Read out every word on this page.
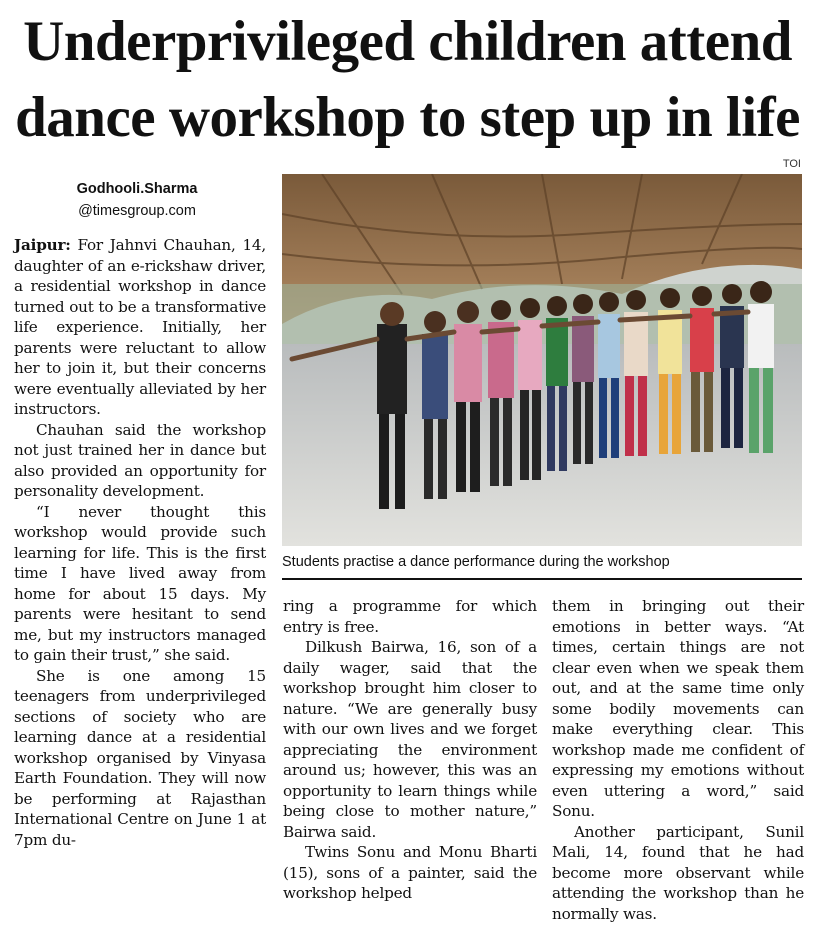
Underprivileged children attend
dance workshop to step up in life
TOI
Godhooli.Sharma
@timesgroup.com

Jaipur: For Jahnvi Chauhan, 14, daughter of an e-rickshaw driver, a residential workshop in dance turned out to be a transformative life experience. Initially, her parents were reluctant to allow her to join it, but their concerns were eventually alleviated by her instructors.

Chauhan said the workshop not just trained her in dance but also provided an opportunity for personality development.

“I never thought this workshop would provide such learning for life. This is the first time I have lived away from home for about 15 days. My parents were hesitant to send me, but my instructors managed to gain their trust,” she said.

She is one among 15 teenagers from underprivileged sections of society who are learning dance at a residential workshop organised by Vinyasa Earth Foundation. They will now be performing at Rajasthan International Centre on June 1 at 7pm du-

Students practise a dance performance during the workshop

ring a programme for which entry is free.

Dilkush Bairwa, 16, son of a daily wager, said that the workshop brought him closer to nature. “We are generally busy with our own lives and we forget appreciating the environment around us; however, this was an opportunity to learn things while being close to mother nature,” Bairwa said.

Twins Sonu and Monu Bharti (15), sons of a painter, said the workshop helped

them in bringing out their emotions in better ways. “At times, certain things are not clear even when we speak them out, and at the same time only some bodily movements can make everything clear. This workshop made me confident of expressing my emotions without even uttering a word,” said Sonu.

Another participant, Sunil Mali, 14, found that he had become more observant while attending the workshop than he normally was.
